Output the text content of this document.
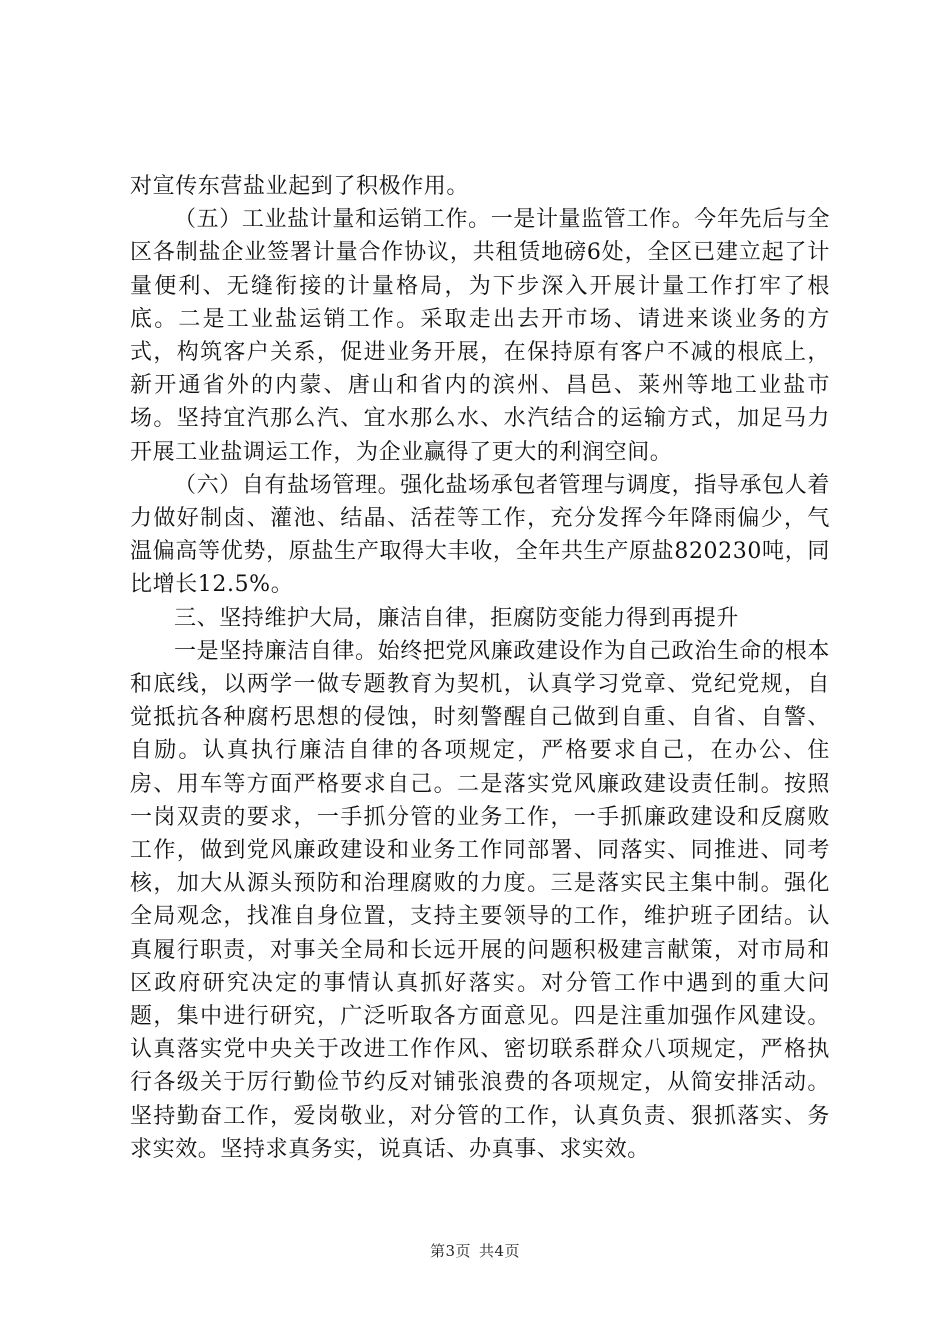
对宣传东营盐业起到了积极作用。

（五）工业盐计量和运销工作。一是计量监管工作。今年先后与全区各制盐企业签署计量合作协议，共租赁地磅6处，全区已建立起了计量便利、无缝衔接的计量格局，为下步深入开展计量工作打牢了根底。二是工业盐运销工作。采取走出去开市场、请进来谈业务的方式，构筑客户关系，促进业务开展，在保持原有客户不减的根底上，新开通省外的内蒙、唐山和省内的滨州、昌邑、莱州等地工业盐市场。坚持宜汽那么汽、宜水那么水、水汽结合的运输方式，加足马力开展工业盐调运工作，为企业赢得了更大的利润空间。

（六）自有盐场管理。强化盐场承包者管理与调度，指导承包人着力做好制卤、灌池、结晶、活茬等工作，充分发挥今年降雨偏少，气温偏高等优势，原盐生产取得大丰收，全年共生产原盐820230吨，同比增长12.5%。

三、坚持维护大局，廉洁自律，拒腐防变能力得到再提升

一是坚持廉洁自律。始终把党风廉政建设作为自己政治生命的根本和底线，以两学一做专题教育为契机，认真学习党章、党纪党规，自觉抵抗各种腐朽思想的侵蚀，时刻警醒自己做到自重、自省、自警、自励。认真执行廉洁自律的各项规定，严格要求自己，在办公、住房、用车等方面严格要求自己。二是落实党风廉政建设责任制。按照一岗双责的要求，一手抓分管的业务工作，一手抓廉政建设和反腐败工作，做到党风廉政建设和业务工作同部署、同落实、同推进、同考核，加大从源头预防和治理腐败的力度。三是落实民主集中制。强化全局观念，找准自身位置，支持主要领导的工作，维护班子团结。认真履行职责，对事关全局和长远开展的问题积极建言献策，对市局和区政府研究决定的事情认真抓好落实。对分管工作中遇到的重大问题，集中进行研究，广泛听取各方面意见。四是注重加强作风建设。认真落实党中央关于改进工作作风、密切联系群众八项规定，严格执行各级关于厉行勤俭节约反对铺张浪费的各项规定，从简安排活动。坚持勤奋工作，爱岗敬业，对分管的工作，认真负责、狠抓落实、务求实效。坚持求真务实，说真话、办真事、求实效。

第3页 共4页
